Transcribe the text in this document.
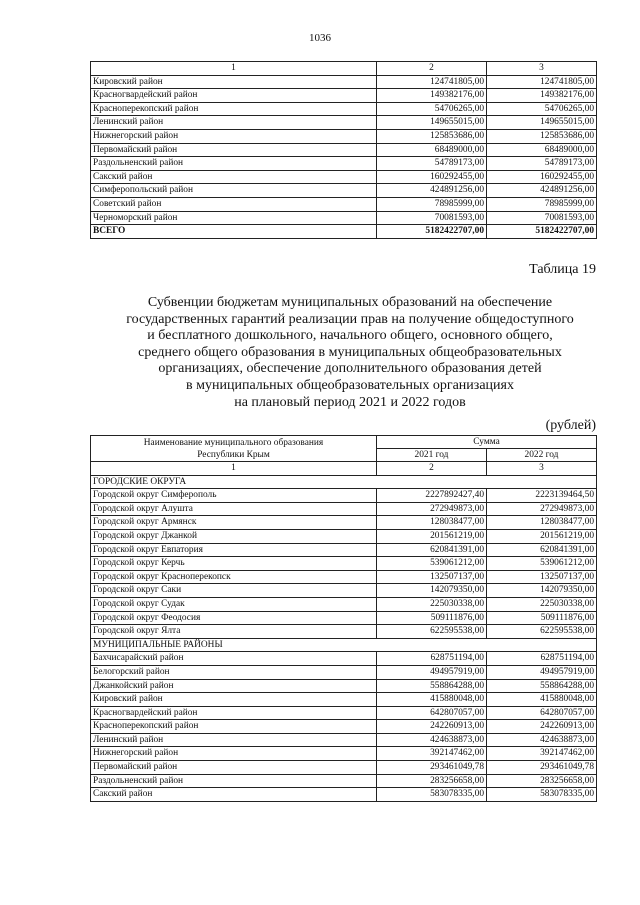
1036
1	2	3
Кировский район	124741805,00	124741805,00
Красногвардейский район	149382176,00	149382176,00
Красноперекопский район	54706265,00	54706265,00
Ленинский район	149655015,00	149655015,00
Нижнегорский район	125853686,00	125853686,00
Первомайский район	68489000,00	68489000,00
Раздольненский район	54789173,00	54789173,00
Сакский район	160292455,00	160292455,00
Симферопольский район	424891256,00	424891256,00
Советский район	78985999,00	78985999,00
Черноморский район	70081593,00	70081593,00
ВСЕГО	5182422707,00	5182422707,00
Таблица 19
Субвенции бюджетам муниципальных образований на обеспечение
государственных гарантий реализации прав на получение общедоступного
и бесплатного дошкольного, начального общего, основного общего,
среднего общего образования в муниципальных общеобразовательных
организациях, обеспечение дополнительного образования детей
в муниципальных общеобразовательных организациях
на плановый период 2021 и 2022 годов
(рублей)
Наименование муниципального образования
Республики Крым	Сумма	
	2021 год	2022 год
1	2	3
ГОРОДСКИЕ ОКРУГА		
Городской округ Симферополь	2227892427,40	2223139464,50
Городской округ Алушта	272949873,00	272949873,00
Городской округ Армянск	128038477,00	128038477,00
Городской округ Джанкой	201561219,00	201561219,00
Городской округ Евпатория	620841391,00	620841391,00
Городской округ Керчь	539061212,00	539061212,00
Городской округ Красноперекопск	132507137,00	132507137,00
Городской округ Саки	142079350,00	142079350,00
Городской округ Судак	225030338,00	225030338,00
Городской округ Феодосия	509111876,00	509111876,00
Городской округ Ялта	622595538,00	622595538,00
МУНИЦИПАЛЬНЫЕ РАЙОНЫ		
Бахчисарайский район	628751194,00	628751194,00
Белогорский район	494957919,00	494957919,00
Джанкойский район	558864288,00	558864288,00
Кировский район	415880048,00	415880048,00
Красногвардейский район	642807057,00	642807057,00
Красноперекопский район	242260913,00	242260913,00
Ленинский район	424638873,00	424638873,00
Нижнегорский район	392147462,00	392147462,00
Первомайский район	293461049,78	293461049,78
Раздольненский район	283256658,00	283256658,00
Сакский район	583078335,00	583078335,00
